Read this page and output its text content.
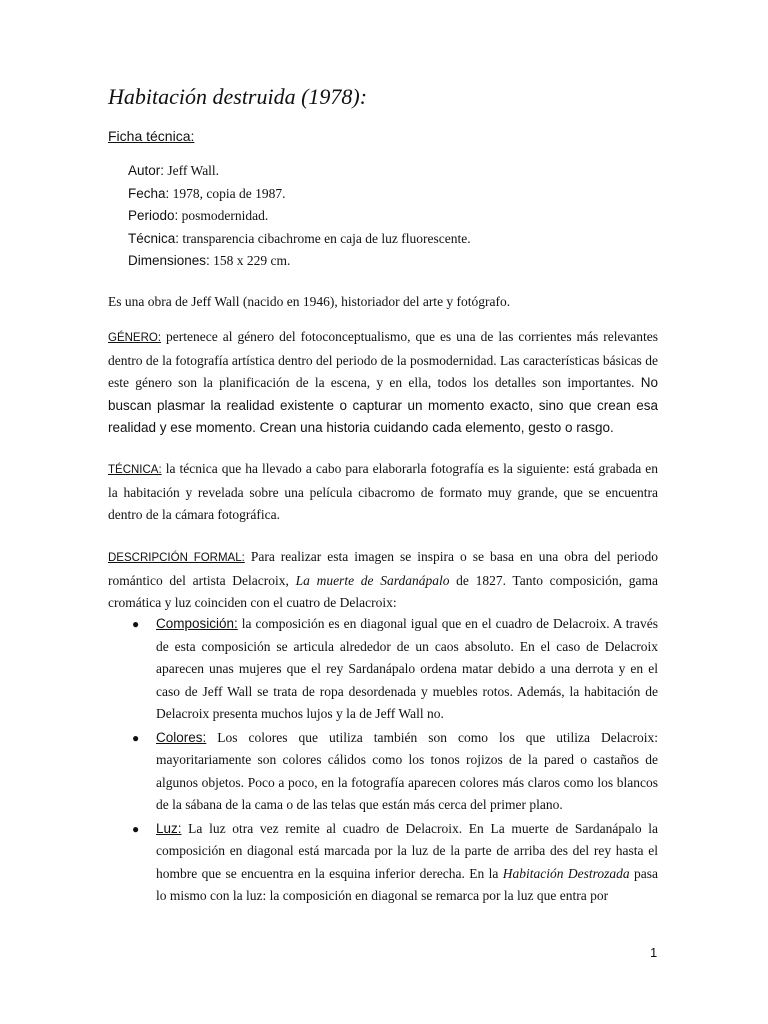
Habitación destruida (1978):
Ficha técnica:
Autor: Jeff Wall.
Fecha: 1978, copia de 1987.
Periodo: posmodernidad.
Técnica: transparencia cibachrome en caja de luz fluorescente.
Dimensiones: 158 x 229 cm.
Es una obra de Jeff Wall (nacido en 1946), historiador del arte y fotógrafo.

GÉNERO: pertenece al género del fotoconceptualismo, que es una de las corrientes más relevantes dentro de la fotografía artística dentro del periodo de la posmodernidad. Las características básicas de este género son la planificación de la escena, y en ella, todos los detalles son importantes. No buscan plasmar la realidad existente o capturar un momento exacto, sino que crean esa realidad y ese momento. Crean una historia cuidando cada elemento, gesto o rasgo.

TÉCNICA: la técnica que ha llevado a cabo para elaborarla fotografía es la siguiente: está grabada en la habitación y revelada sobre una película cibacromo de formato muy grande, que se encuentra dentro de la cámara fotográfica.

DESCRIPCIÓN FORMAL: Para realizar esta imagen se inspira o se basa en una obra del periodo romántico del artista Delacroix, La muerte de Sardanápalo de 1827. Tanto composición, gama cromática y luz coinciden con el cuatro de Delacroix:

● Composición: la composición es en diagonal igual que en el cuadro de Delacroix. A través de esta composición se articula alrededor de un caos absoluto. En el caso de Delacroix aparecen unas mujeres que el rey Sardanápalo ordena matar debido a una derrota y en el caso de Jeff Wall se trata de ropa desordenada y muebles rotos. Además, la habitación de Delacroix presenta muchos lujos y la de Jeff Wall no.
● Colores: Los colores que utiliza también son como los que utiliza Delacroix: mayoritariamente son colores cálidos como los tonos rojizos de la pared o castaños de algunos objetos. Poco a poco, en la fotografía aparecen colores más claros como los blancos de la sábana de la cama o de las telas que están más cerca del primer plano.
● Luz: La luz otra vez remite al cuadro de Delacroix. En La muerte de Sardanápalo la composición en diagonal está marcada por la luz de la parte de arriba des del rey hasta el hombre que se encuentra en la esquina inferior derecha. En la Habitación Destrozada pasa lo mismo con la luz: la composición en diagonal se remarca por la luz que entra por
1
